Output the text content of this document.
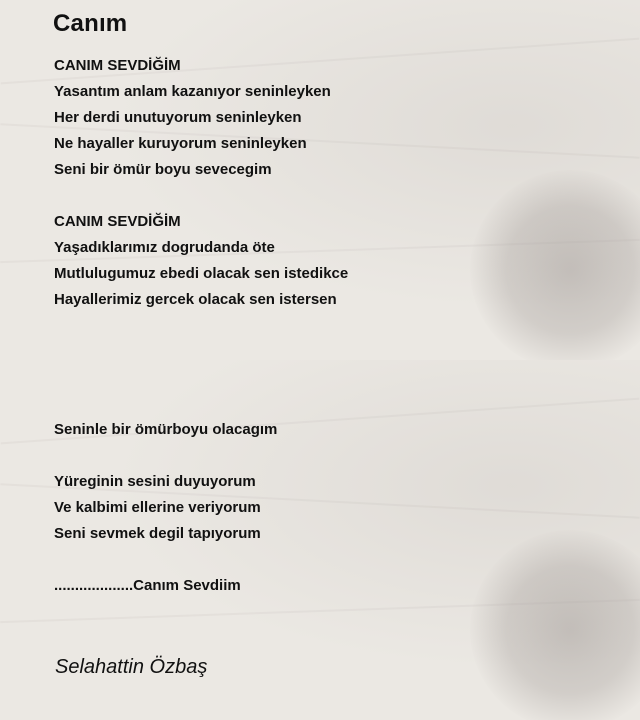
Canım
CANIM SEVDİĞİM
Yasantım anlam kazanıyor seninleyken
Her derdi unutuyorum seninleyken
Ne hayaller kuruyorum seninleyken
Seni bir ömür boyu sevecegim
CANIM SEVDİĞİM
Yaşadıklarımız dogrudanda öte
Mutlulugumuz ebedi olacak sen istedikce
Hayallerimiz gercek olacak sen istersen
Seninle bir ömürboyu olacagım
Yüreginin sesini duyuyorum
Ve kalbimi ellerine veriyorum
Seni sevmek degil tapıyorum
...................Canım Sevdiim
Selahattin Özbaş
